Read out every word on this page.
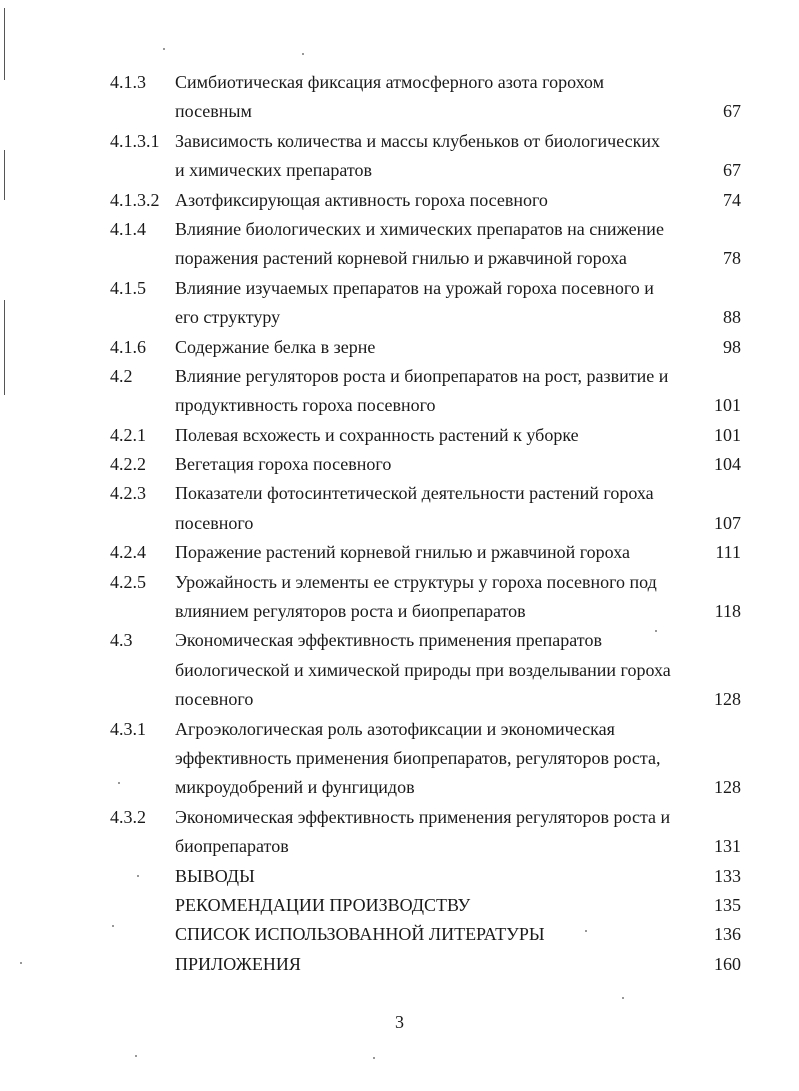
4.1.3 Симбиотическая фиксация атмосферного азота горохом
посевным	67
4.1.3.1 Зависимость количества и массы клубеньков от биологических
и химических препаратов	67
4.1.3.2 Азотфиксирующая активность гороха посевного	74
4.1.4 Влияние биологических и химических препаратов на снижение
поражения растений корневой гнилью и ржавчиной гороха	78
4.1.5 Влияние изучаемых препаратов на урожай гороха посевного и
его структуру	88
4.1.6 Содержание белка в зерне	98
4.2 Влияние регуляторов роста и биопрепаратов на рост, развитие и
продуктивность гороха посевного	101
4.2.1 Полевая всхожесть и сохранность растений к уборке	101
4.2.2 Вегетация гороха посевного	104
4.2.3 Показатели фотосинтетической деятельности растений гороха
посевного	107
4.2.4 Поражение растений корневой гнилью и ржавчиной гороха	111
4.2.5 Урожайность и элементы ее структуры у гороха посевного под
влиянием регуляторов роста и биопрепаратов	118
4.3 Экономическая эффективность применения препаратов
биологической и химической природы при возделывании гороха
посевного	128
4.3.1 Агроэкологическая роль азотофиксации и экономическая
эффективность применения биопрепаратов, регуляторов роста,
микроудобрений и фунгицидов	128
4.3.2 Экономическая эффективность применения регуляторов роста и
биопрепаратов	131
ВЫВОДЫ	133
РЕКОМЕНДАЦИИ ПРОИЗВОДСТВУ	135
СПИСОК ИСПОЛЬЗОВАННОЙ ЛИТЕРАТУРЫ	136
ПРИЛОЖЕНИЯ	160
3
